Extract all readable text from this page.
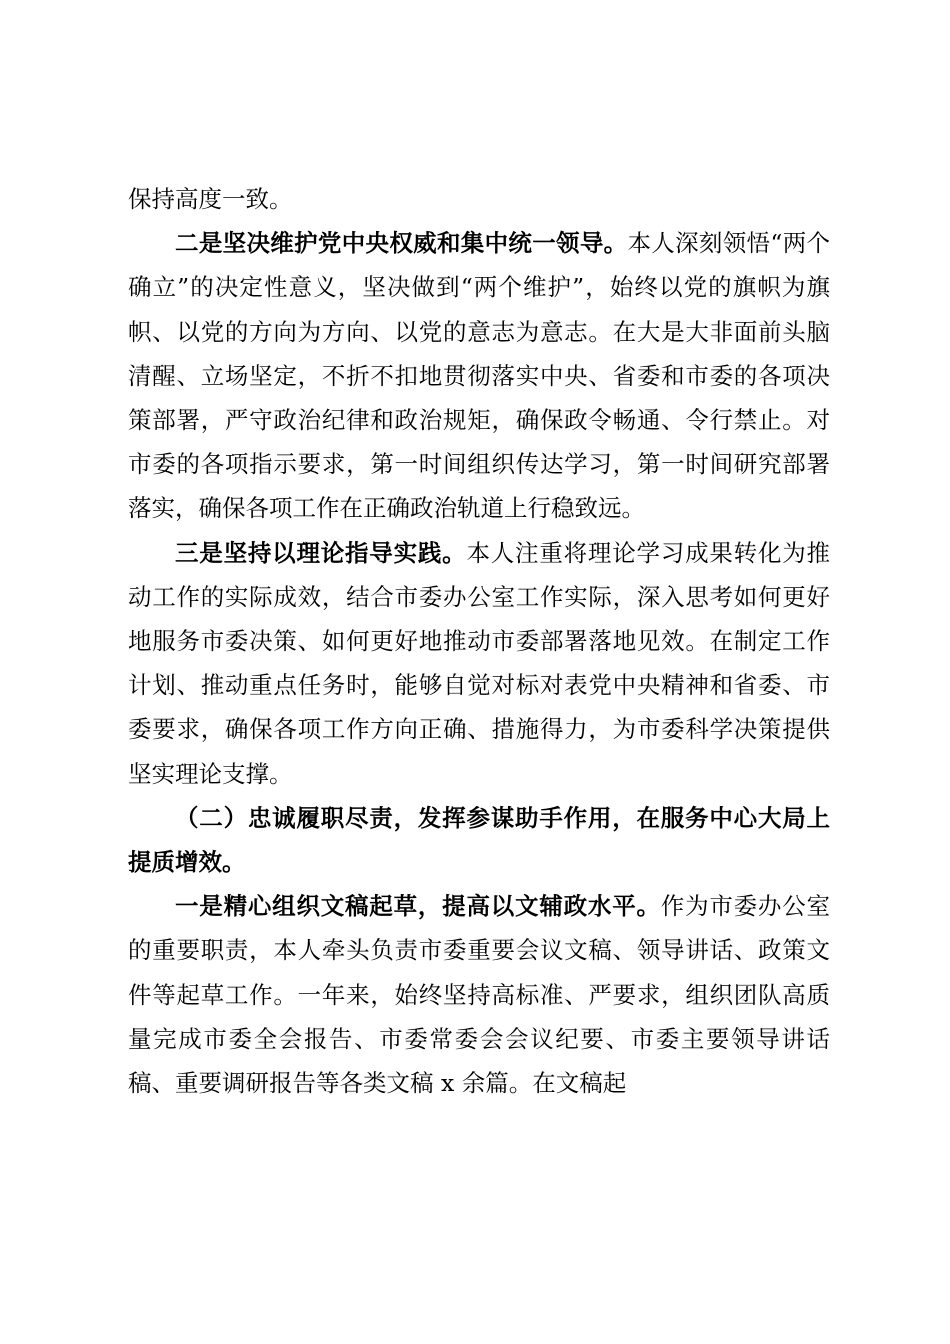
保持高度一致。

二是坚决维护党中央权威和集中统一领导。本人深刻领悟“两个确立”的决定性意义，坚决做到“两个维护”，始终以党的旗帜为旗帜、以党的方向为方向、以党的意志为意志。在大是大非面前头脑清醒、立场坚定，不折不扣地贯彻落实中央、省委和市委的各项决策部署，严守政治纪律和政治规矩，确保政令畅通、令行禁止。对市委的各项指示要求，第一时间组织传达学习，第一时间研究部署落实，确保各项工作在正确政治轨道上行稳致远。

三是坚持以理论指导实践。本人注重将理论学习成果转化为推动工作的实际成效，结合市委办公室工作实际，深入思考如何更好地服务市委决策、如何更好地推动市委部署落地见效。在制定工作计划、推动重点任务时，能够自觉对标对表党中央精神和省委、市委要求，确保各项工作方向正确、措施得力，为市委科学决策提供坚实理论支撑。

（二）忠诚履职尽责，发挥参谋助手作用，在服务中心大局上提质增效。

一是精心组织文稿起草，提高以文辅政水平。作为市委办公室的重要职责，本人牵头负责市委重要会议文稿、领导讲话、政策文件等起草工作。一年来，始终坚持高标准、严要求，组织团队高质量完成市委全会报告、市委常委会会议纪要、市委主要领导讲话稿、重要调研报告等各类文稿 x 余篇。在文稿起
